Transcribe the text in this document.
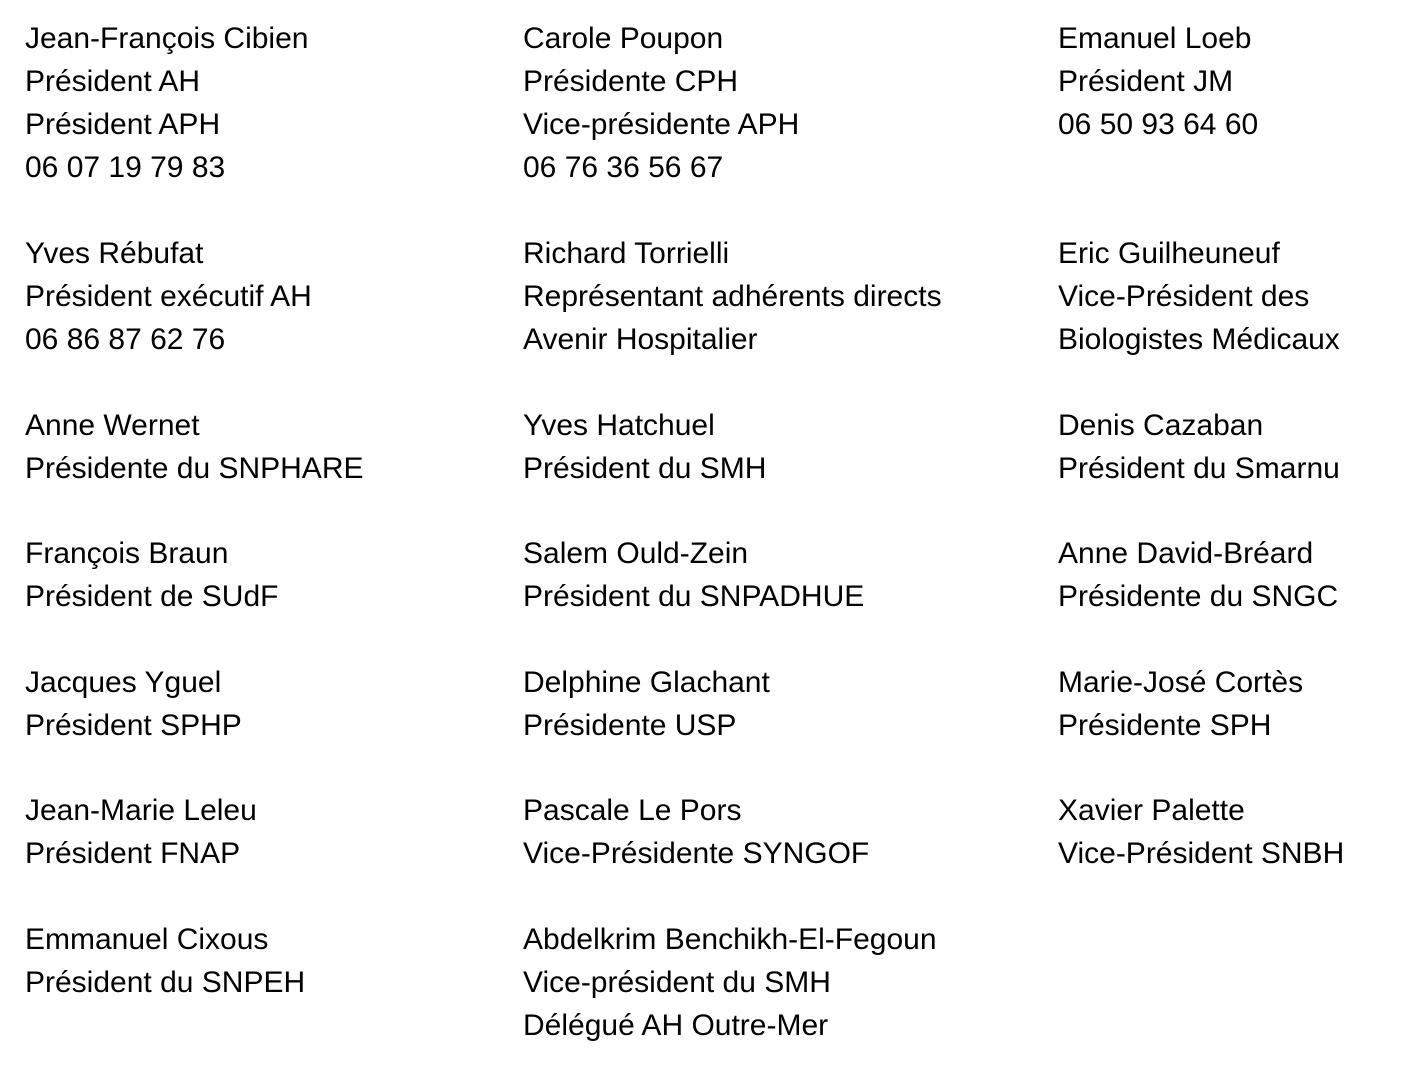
Jean-François Cibien
Président AH
Président APH
06 07 19 79 83
Carole Poupon
Présidente CPH
Vice-présidente APH
06 76 36 56 67
Emanuel Loeb
Président JM
06 50 93 64 60
Yves Rébufat
Président exécutif AH
06 86 87 62 76
Richard Torrielli
Représentant adhérents directs
Avenir Hospitalier
Eric Guilheuneuf
Vice-Président des
Biologistes Médicaux
Anne Wernet
Présidente du SNPHARE
Yves Hatchuel
Président du SMH
Denis Cazaban
Président du Smarnu
François Braun
Président de SUdF
Salem Ould-Zein
Président du SNPADHUE
Anne David-Bréard
Présidente du SNGC
Jacques Yguel
Président SPHP
Delphine Glachant
Présidente USP
Marie-José Cortès
Présidente SPH
Jean-Marie Leleu
Président FNAP
Pascale Le Pors
Vice-Présidente SYNGOF
Xavier Palette
Vice-Président SNBH
Emmanuel Cixous
Président du SNPEH
Abdelkrim Benchikh-El-Fegoun
Vice-président du SMH
Délégué AH Outre-Mer
